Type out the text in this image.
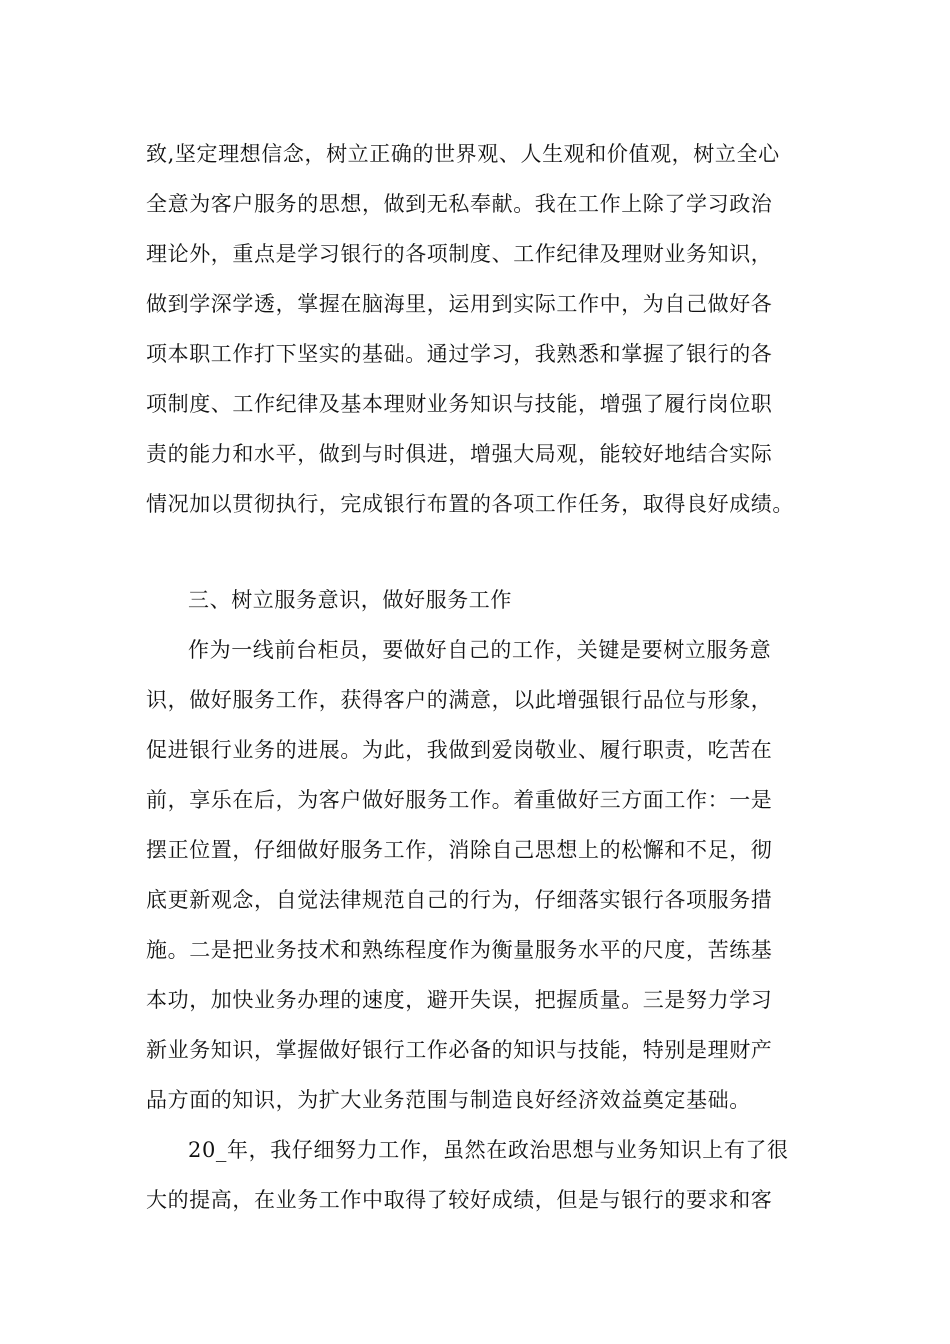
致,坚定理想信念，树立正确的世界观、人生观和价值观，树立全心
全意为客户服务的思想，做到无私奉献。我在工作上除了学习政治
理论外，重点是学习银行的各项制度、工作纪律及理财业务知识，
做到学深学透，掌握在脑海里，运用到实际工作中，为自己做好各
项本职工作打下坚实的基础。通过学习，我熟悉和掌握了银行的各
项制度、工作纪律及基本理财业务知识与技能，增强了履行岗位职
责的能力和水平，做到与时俱进，增强大局观，能较好地结合实际
情况加以贯彻执行，完成银行布置的各项工作任务，取得良好成绩。
三、树立服务意识，做好服务工作
作为一线前台柜员，要做好自己的工作，关键是要树立服务意
识，做好服务工作，获得客户的满意，以此增强银行品位与形象，
促进银行业务的进展。为此，我做到爱岗敬业、履行职责，吃苦在
前，享乐在后，为客户做好服务工作。着重做好三方面工作：一是
摆正位置，仔细做好服务工作，消除自己思想上的松懈和不足，彻
底更新观念，自觉法律规范自己的行为，仔细落实银行各项服务措
施。二是把业务技术和熟练程度作为衡量服务水平的尺度，苦练基
本功，加快业务办理的速度，避开失误，把握质量。三是努力学习
新业务知识，掌握做好银行工作必备的知识与技能，特别是理财产
品方面的知识，为扩大业务范围与制造良好经济效益奠定基础。
20_年，我仔细努力工作，虽然在政治思想与业务知识上有了很
大的提高，在业务工作中取得了较好成绩，但是与银行的要求和客
